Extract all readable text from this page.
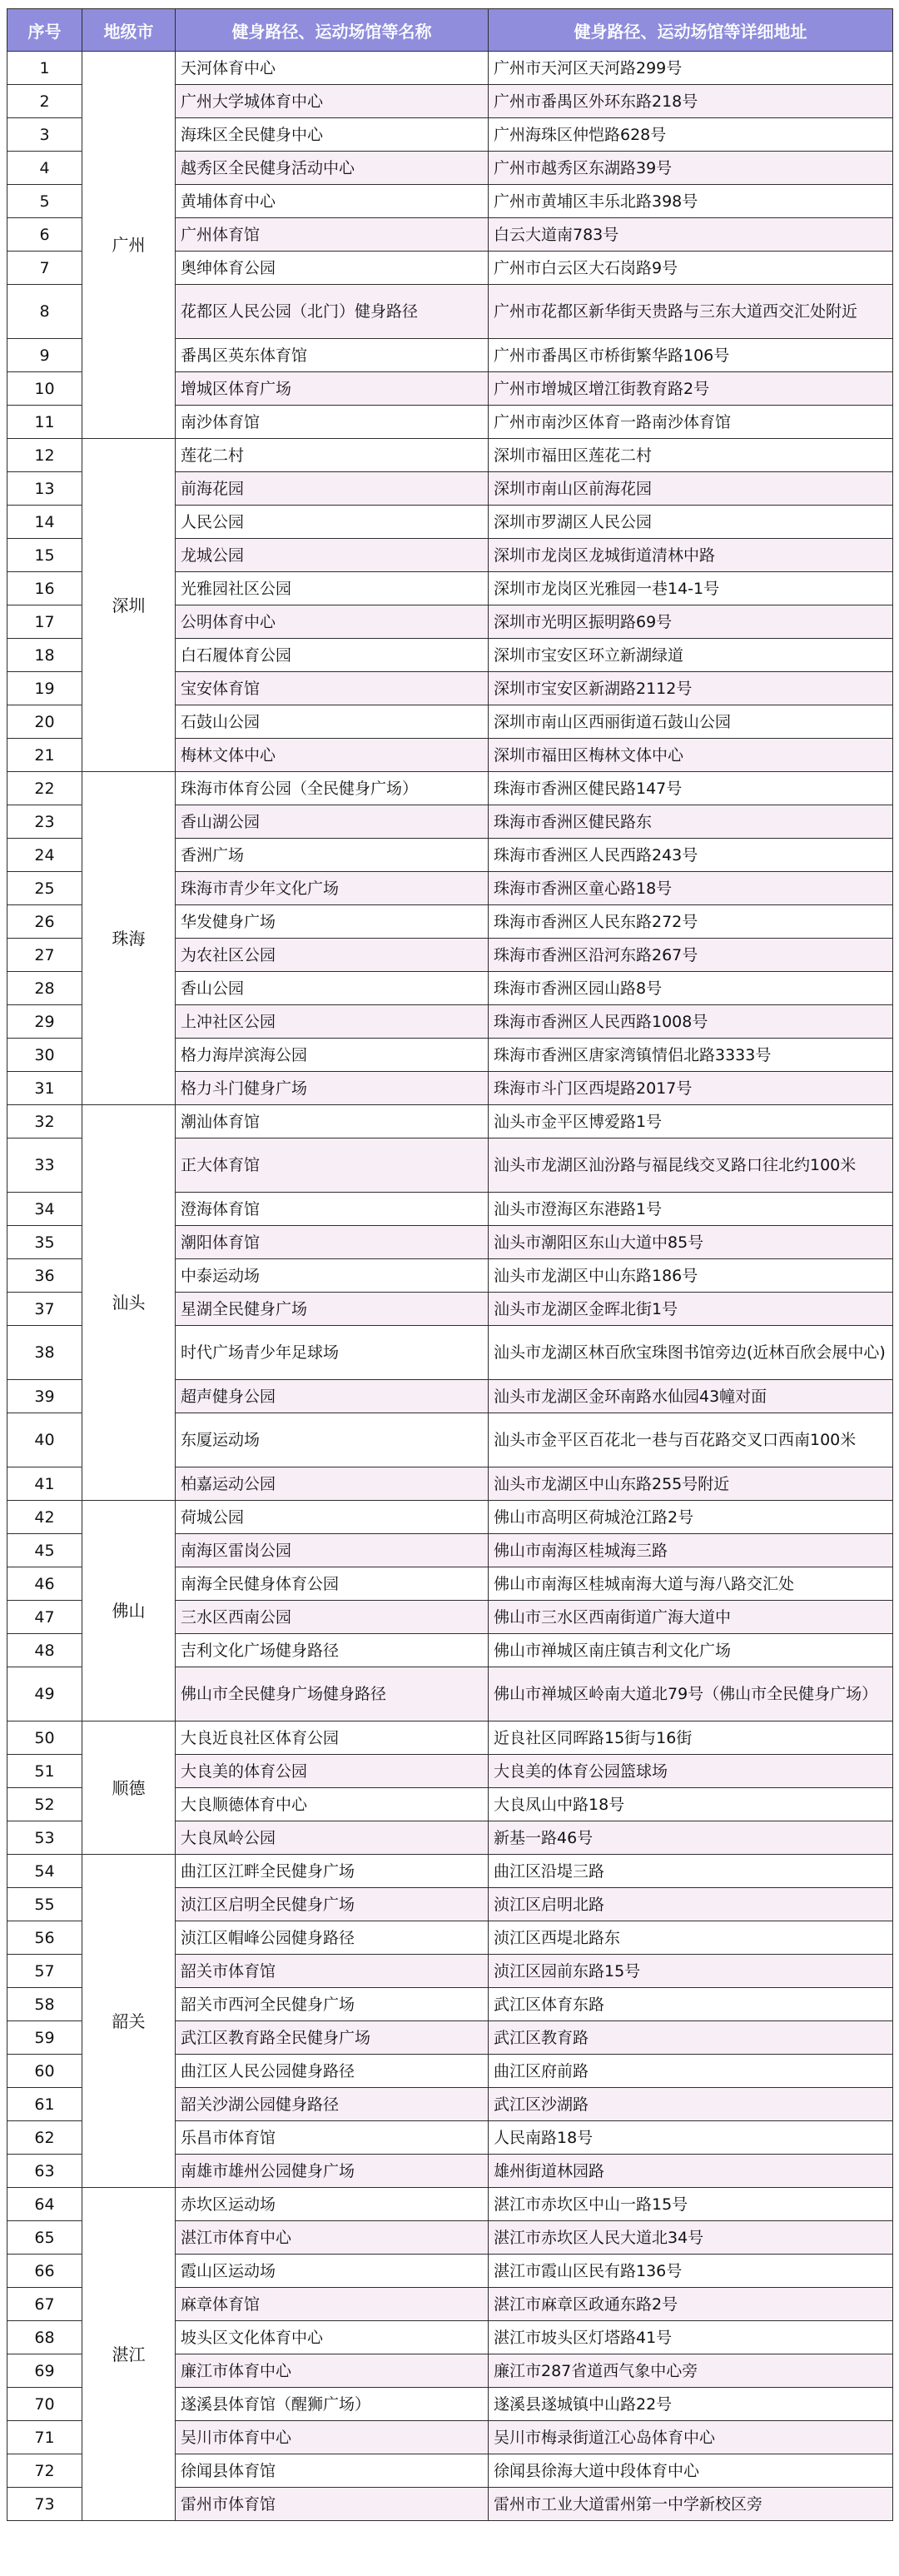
序号	地级市	健身路径、运动场馆等名称	健身路径、运动场馆等详细地址
1	广州	天河体育中心	广州市天河区天河路299号
2		广州大学城体育中心	广州市番禺区外环东路218号
3		海珠区全民健身中心	广州海珠区仲恺路628号
4		越秀区全民健身活动中心	广州市越秀区东湖路39号
5		黄埔体育中心	广州市黄埔区丰乐北路398号
6		广州体育馆	白云大道南783号
7		奥绅体育公园	广州市白云区大石岗路9号
8		花都区人民公园（北门）健身路径	广州市花都区新华街天贵路与三东大道西交汇处附近
9		番禺区英东体育馆	广州市番禺区市桥街繁华路106号
10		增城区体育广场	广州市增城区增江街教育路2号
11		南沙体育馆	广州市南沙区体育一路南沙体育馆
12	深圳	莲花二村	深圳市福田区莲花二村
13		前海花园	深圳市南山区前海花园
14		人民公园	深圳市罗湖区人民公园
15		龙城公园	深圳市龙岗区龙城街道清林中路
16		光雅园社区公园	深圳市龙岗区光雅园一巷14-1号
17		公明体育中心	深圳市光明区振明路69号
18		白石履体育公园	深圳市宝安区环立新湖绿道
19		宝安体育馆	深圳市宝安区新湖路2112号
20		石鼓山公园	深圳市南山区西丽街道石鼓山公园
21		梅林文体中心	深圳市福田区梅林文体中心
22	珠海	珠海市体育公园（全民健身广场）	珠海市香洲区健民路147号
23		香山湖公园	珠海市香洲区健民路东
24		香洲广场	珠海市香洲区人民西路243号
25		珠海市青少年文化广场	珠海市香洲区童心路18号
26		华发健身广场	珠海市香洲区人民东路272号
27		为农社区公园	珠海市香洲区沿河东路267号
28		香山公园	珠海市香洲区园山路8号
29		上冲社区公园	珠海市香洲区人民西路1008号
30		格力海岸滨海公园	珠海市香洲区唐家湾镇情侣北路3333号
31		格力斗门健身广场	珠海市斗门区西堤路2017号
32	汕头	潮汕体育馆	汕头市金平区博爱路1号
33		正大体育馆	汕头市龙湖区汕汾路与福昆线交叉路口往北约100米
34		澄海体育馆	汕头市澄海区东港路1号
35		潮阳体育馆	汕头市潮阳区东山大道中85号
36		中泰运动场	汕头市龙湖区中山东路186号
37		星湖全民健身广场	汕头市龙湖区金晖北街1号
38		时代广场青少年足球场	汕头市龙湖区林百欣宝珠图书馆旁边(近林百欣会展中心)
39		超声健身公园	汕头市龙湖区金环南路水仙园43幢对面
40		东厦运动场	汕头市金平区百花北一巷与百花路交叉口西南100米
41		柏嘉运动公园	汕头市龙湖区中山东路255号附近
42	佛山	荷城公园	佛山市高明区荷城沧江路2号
45		南海区雷岗公园	佛山市南海区桂城海三路
46		南海全民健身体育公园	佛山市南海区桂城南海大道与海八路交汇处
47		三水区西南公园	佛山市三水区西南街道广海大道中
48		吉利文化广场健身路径	佛山市禅城区南庄镇吉利文化广场
49		佛山市全民健身广场健身路径	佛山市禅城区岭南大道北79号（佛山市全民健身广场）
50	顺德	大良近良社区体育公园	近良社区同晖路15街与16街
51		大良美的体育公园	大良美的体育公园篮球场
52		大良顺德体育中心	大良凤山中路18号
53		大良凤岭公园	新基一路46号
54	韶关	曲江区江畔全民健身广场	曲江区沿堤三路
55		浈江区启明全民健身广场	浈江区启明北路
56		浈江区帽峰公园健身路径	浈江区西堤北路东
57		韶关市体育馆	浈江区园前东路15号
58		韶关市西河全民健身广场	武江区体育东路
59		武江区教育路全民健身广场	武江区教育路
60		曲江区人民公园健身路径	曲江区府前路
61		韶关沙湖公园健身路径	武江区沙湖路
62		乐昌市体育馆	人民南路18号
63		南雄市雄州公园健身广场	雄州街道林园路
64	湛江	赤坎区运动场	湛江市赤坎区中山一路15号
65		湛江市体育中心	湛江市赤坎区人民大道北34号
66		霞山区运动场	湛江市霞山区民有路136号
67		麻章体育馆	湛江市麻章区政通东路2号
68		坡头区文化体育中心	湛江市坡头区灯塔路41号
69		廉江市体育中心	廉江市287省道西气象中心旁
70		遂溪县体育馆（醒狮广场）	遂溪县遂城镇中山路22号
71		吴川市体育中心	吴川市梅录街道江心岛体育中心
72		徐闻县体育馆	徐闻县徐海大道中段体育中心
73		雷州市体育馆	雷州市工业大道雷州第一中学新校区旁
